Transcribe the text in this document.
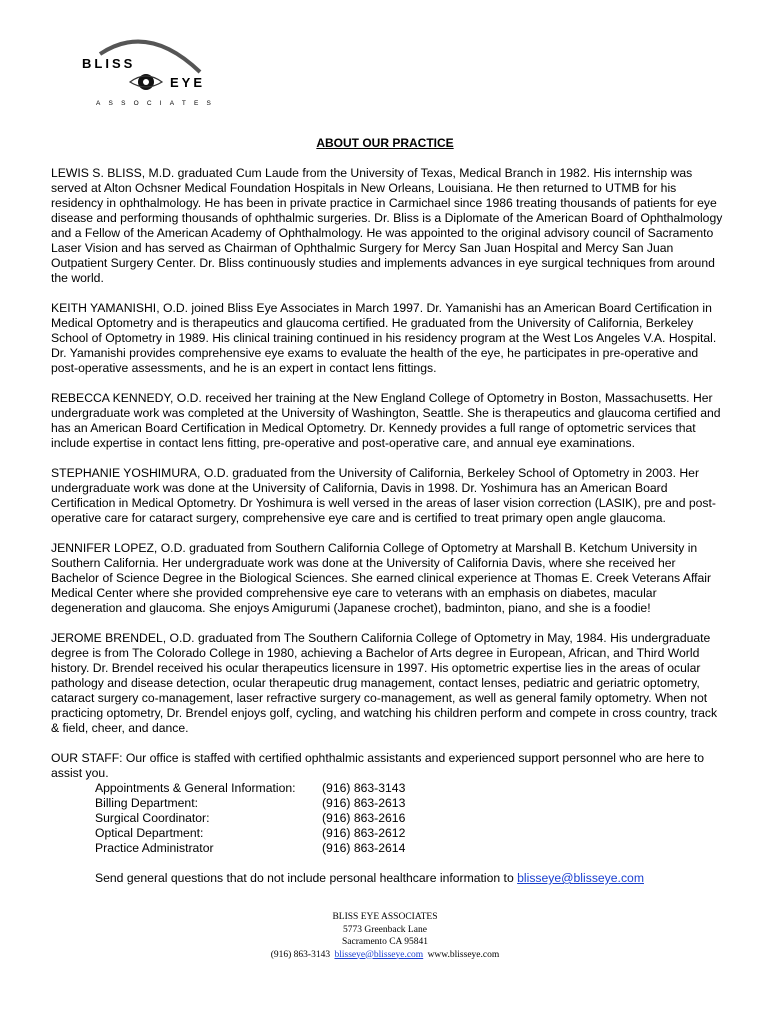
BLISS
EYE
ASSOCIATES
ABOUT OUR PRACTICE

LEWIS S. BLISS, M.D. graduated Cum Laude from the University of Texas, Medical Branch in 1982. His internship was served at Alton Ochsner Medical Foundation Hospitals in New Orleans, Louisiana. He then returned to UTMB for his residency in ophthalmology. He has been in private practice in Carmichael since 1986 treating thousands of patients for eye disease and performing thousands of ophthalmic surgeries. Dr. Bliss is a Diplomate of the American Board of Ophthalmology and a Fellow of the American Academy of Ophthalmology. He was appointed to the original advisory council of Sacramento Laser Vision and has served as Chairman of Ophthalmic Surgery for Mercy San Juan Hospital and Mercy San Juan Outpatient Surgery Center. Dr. Bliss continuously studies and implements advances in eye surgical techniques from around the world.

KEITH YAMANISHI, O.D. joined Bliss Eye Associates in March 1997. Dr. Yamanishi has an American Board Certification in Medical Optometry and is therapeutics and glaucoma certified. He graduated from the University of California, Berkeley School of Optometry in 1989. His clinical training continued in his residency program at the West Los Angeles V.A. Hospital. Dr. Yamanishi provides comprehensive eye exams to evaluate the health of the eye, he participates in pre-operative and post-operative assessments, and he is an expert in contact lens fittings.

REBECCA KENNEDY, O.D. received her training at the New England College of Optometry in Boston, Massachusetts. Her undergraduate work was completed at the University of Washington, Seattle. She is therapeutics and glaucoma certified and has an American Board Certification in Medical Optometry. Dr. Kennedy provides a full range of optometric services that include expertise in contact lens fitting, pre-operative and post-operative care, and annual eye examinations.

STEPHANIE YOSHIMURA, O.D. graduated from the University of California, Berkeley School of Optometry in 2003. Her undergraduate work was done at the University of California, Davis in 1998. Dr. Yoshimura has an American Board Certification in Medical Optometry. Dr Yoshimura is well versed in the areas of laser vision correction (LASIK), pre and post-operative care for cataract surgery, comprehensive eye care and is certified to treat primary open angle glaucoma.

JENNIFER LOPEZ, O.D. graduated from Southern California College of Optometry at Marshall B. Ketchum University in Southern California. Her undergraduate work was done at the University of California Davis, where she received her Bachelor of Science Degree in the Biological Sciences. She earned clinical experience at Thomas E. Creek Veterans Affair Medical Center where she provided comprehensive eye care to veterans with an emphasis on diabetes, macular degeneration and glaucoma. She enjoys Amigurumi (Japanese crochet), badminton, piano, and she is a foodie!

JEROME BRENDEL, O.D. graduated from The Southern California College of Optometry in May, 1984. His undergraduate degree is from The Colorado College in 1980, achieving a Bachelor of Arts degree in European, African, and Third World history. Dr. Brendel received his ocular therapeutics licensure in 1997. His optometric expertise lies in the areas of ocular pathology and disease detection, ocular therapeutic drug management, contact lenses, pediatric and geriatric optometry, cataract surgery co-management, laser refractive surgery co-management, as well as general family optometry. When not practicing optometry, Dr. Brendel enjoys golf, cycling, and watching his children perform and compete in cross country, track & field, cheer, and dance.

OUR STAFF: Our office is staffed with certified ophthalmic assistants and experienced support personnel who are here to assist you.
Appointments & General Information:	(916) 863-3143
Billing Department:	(916) 863-2613
Surgical Coordinator:	(916) 863-2616
Optical Department:	(916) 863-2612
Practice Administrator	(916) 863-2614
Send general questions that do not include personal healthcare information to blisseye@blisseye.com
BLISS EYE ASSOCIATES
5773 Greenback Lane
Sacramento CA 95841
(916) 863-3143 blisseye@blisseye.com www.blisseye.com
